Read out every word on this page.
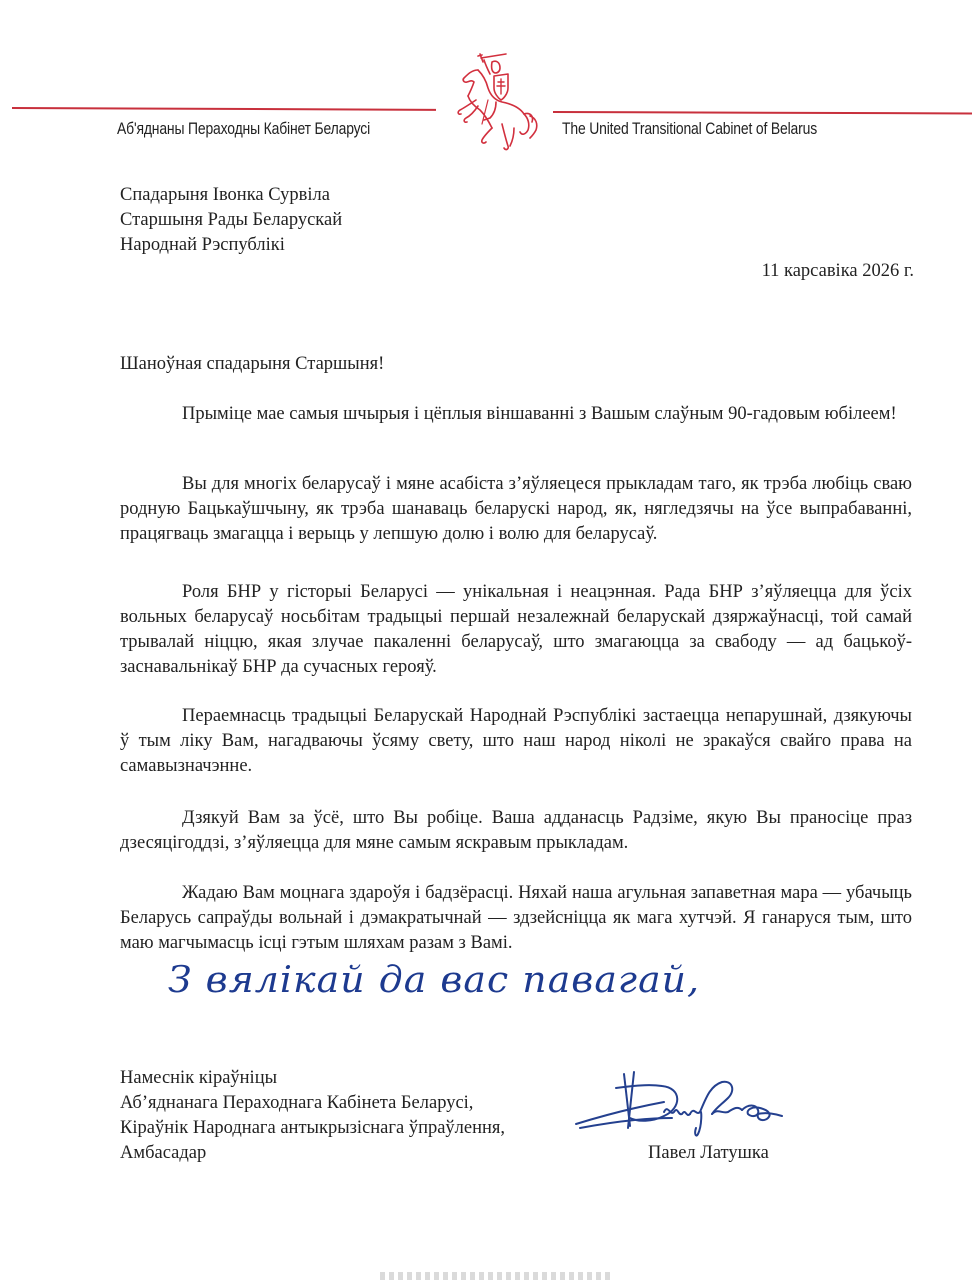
Аб'яднаны Пераходны Кабінет Беларусі	The United Transitional Cabinet of Belarus
Спадарыня Івонка Сурвіла
Старшыня Рады Беларускай
Народнай Рэспублікі
11 карсавіка 2026 г.
Шаноўная спадарыня Старшыня!

Прыміце мае самыя шчырыя і цёплыя віншаванні з Вашым слаўным 90-гадовым юбілеем!

Вы для многіх беларусаў і мяне асабіста з’яўляецеся прыкладам таго, як трэба любіць сваю родную Бацькаўшчыну, як трэба шанаваць беларускі народ, як, нягледзячы на ўсе выпрабаванні, працягваць змагацца і верыць у лепшую долю і волю для беларусаў.

Роля БНР у гісторыі Беларусі — унікальная і неацэнная. Рада БНР з’яўляецца для ўсіх вольных беларусаў носьбітам традыцыі першай незалежнай беларускай дзяржаўнасці, той самай трывалай ніццю, якая злучае пакаленні беларусаў, што змагаюцца за свабоду — ад бацькоў-заснавальнікаў БНР да сучасных герояў.

Пераемнасць традыцыі Беларускай Народнай Рэспублікі застаецца непарушнай, дзякуючы ў тым ліку Вам, нагадваючы ўсяму свету, што наш народ ніколі не зракаўся свайго права на самавызначэнне.

Дзякуй Вам за ўсё, што Вы робіце. Ваша адданасць Радзіме, якую Вы праносіце праз дзесяцігоддзі, з’яўляецца для мяне самым яскравым прыкладам.

Жадаю Вам моцнага здароўя і бадзёрасці. Няхай наша агульная запаветная мара — убачыць Беларусь сапраўды вольнай і дэмакратычнай — здзейсніцца як мага хутчэй. Я ганаруся тым, што маю магчымасць ісці гэтым шляхам разам з Вамі.

З вялікай да вас павагай,
Намеснік кіраўніцы
Аб’яднанага Пераходнага Кабінета Беларусі,
Кіраўнік Народнага антыкрызіснага ўпраўлення,
Амбасадар	Павел Латушка
